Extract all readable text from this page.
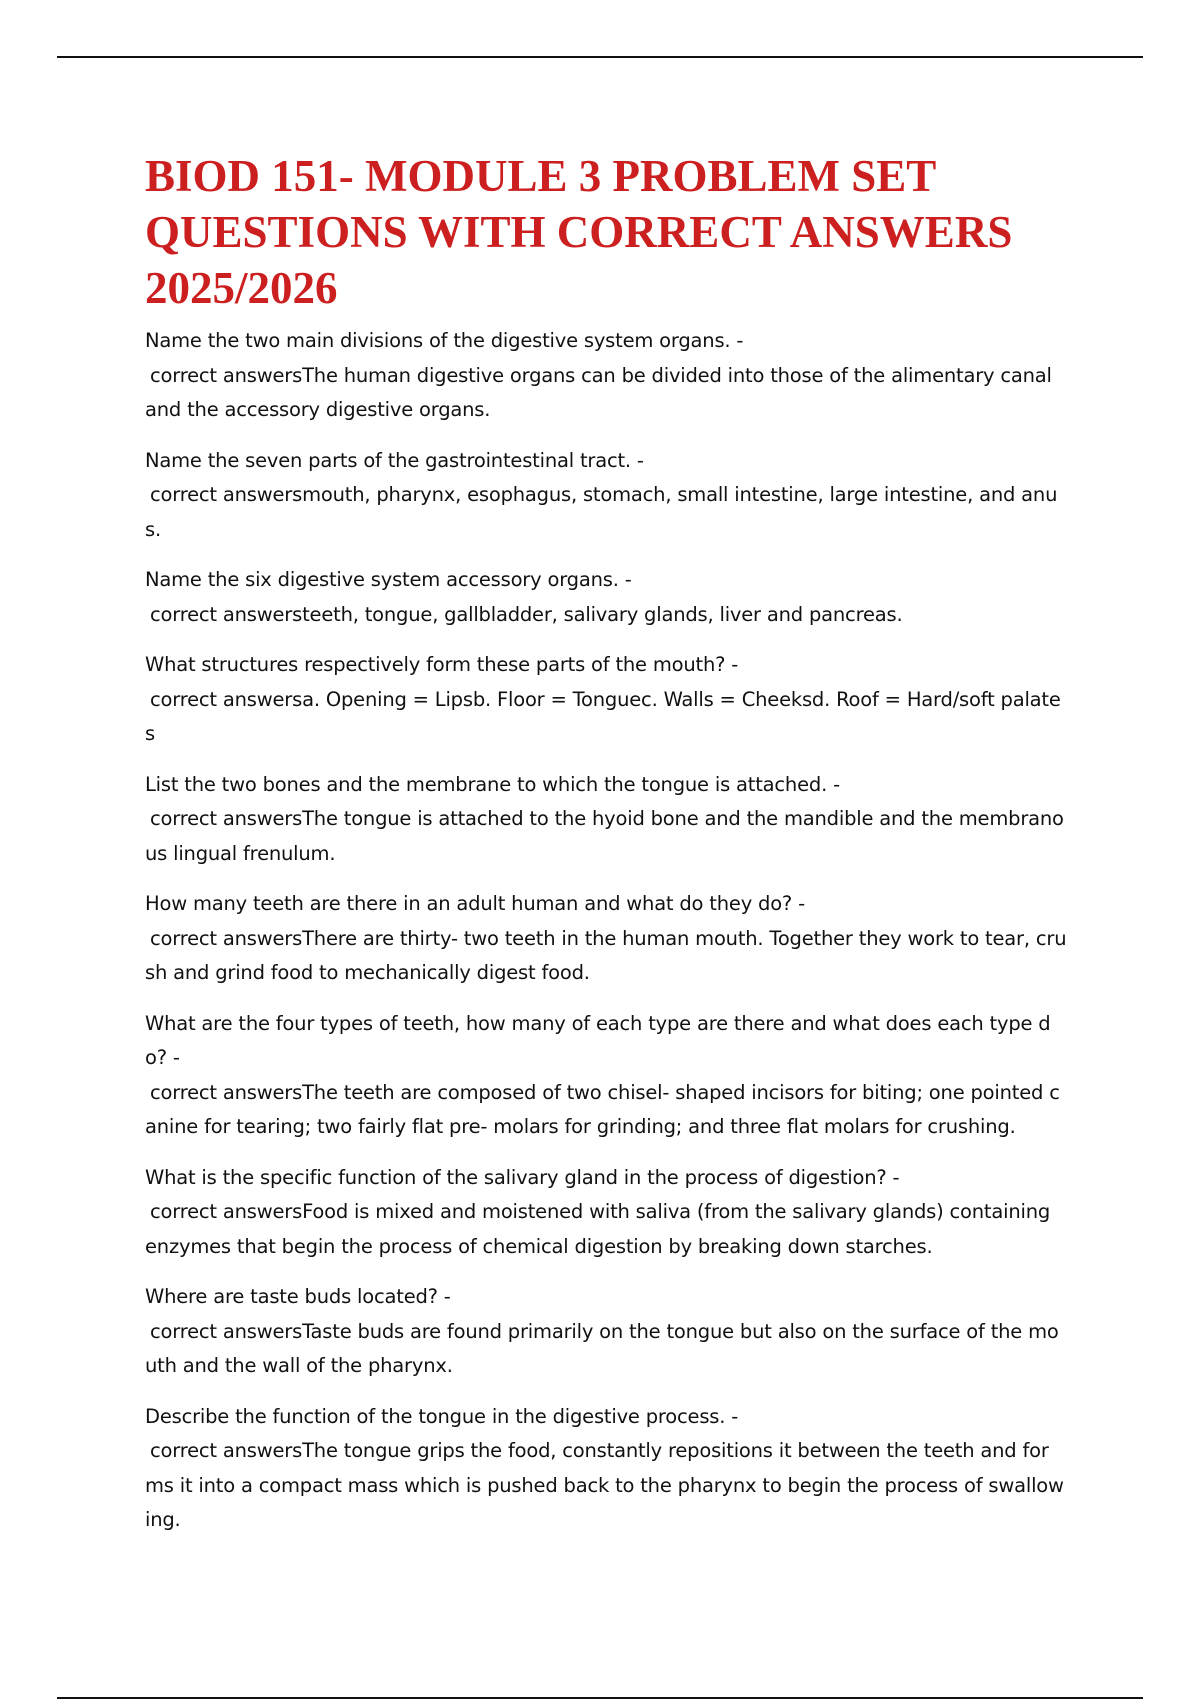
BIOD 151- MODULE 3 PROBLEM SET QUESTIONS WITH CORRECT ANSWERS 2025/2026
Name the two main divisions of the digestive system organs. -
correct answersThe human digestive organs can be divided into those of the alimentary canal and the accessory digestive organs.
Name the seven parts of the gastrointestinal tract. -
correct answersmouth, pharynx, esophagus, stomach, small intestine, large intestine, and anus.
Name the six digestive system accessory organs. -
correct answersteeth, tongue, gallbladder, salivary glands, liver and pancreas.
What structures respectively form these parts of the mouth? -
correct answersa. Opening = Lipsb. Floor = Tonguec. Walls = Cheeksd. Roof = Hard/soft palates
List the two bones and the membrane to which the tongue is attached. -
correct answersThe tongue is attached to the hyoid bone and the mandible and the membranous lingual frenulum.
How many teeth are there in an adult human and what do they do? -
correct answersThere are thirty- two teeth in the human mouth. Together they work to tear, crush and grind food to mechanically digest food.
What are the four types of teeth, how many of each type are there and what does each type do? -
correct answersThe teeth are composed of two chisel- shaped incisors for biting; one pointed canine for tearing; two fairly flat pre- molars for grinding; and three flat molars for crushing.
What is the specific function of the salivary gland in the process of digestion? -
correct answersFood is mixed and moistened with saliva (from the salivary glands) containing enzymes that begin the process of chemical digestion by breaking down starches.
Where are taste buds located? -
correct answersTaste buds are found primarily on the tongue but also on the surface of the mouth and the wall of the pharynx.
Describe the function of the tongue in the digestive process. -
correct answersThe tongue grips the food, constantly repositions it between the teeth and forms it into a compact mass which is pushed back to the pharynx to begin the process of swallowing.
